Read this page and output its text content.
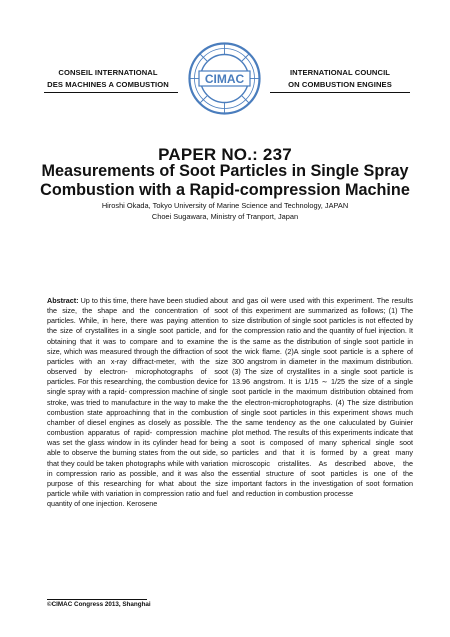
CONSEIL INTERNATIONAL
DES MACHINES A COMBUSTION	CIMAC	INTERNATIONAL COUNCIL
ON COMBUSTION ENGINES
PAPER NO.: 237
Measurements of Soot Particles in Single Spray
Combustion with a Rapid-compression Machine
Hiroshi Okada, Tokyo University of Marine Science and Technology, JAPAN
Choei Sugawara, Ministry of Tranport, Japan
Abstract: Up to this time, there have been studied about the size, the shape and the concentration of soot particles. While, in here, there was paying attention to the size of crystallites in a single soot particle, and for obtaining that it was to compare and to examine the size, which was measured through the diffraction of soot particles with an x-ray diffract-meter, with the size observed by electron- microphotographs of soot particles. For this researching, the combustion device for single spray with a rapid- compression machine of single stroke, was tried to manufacture in the way to make the combustion state approachinng that in the combustion chamber of diesel engines as closely as possible. The combustion apparatus of rapid- compression machine was set the glass window in its cylinder head for being able to observe the burning states from the out side, so that they could be taken photographs while with variation in compression rario as possible, and it was also the purpose of this researching for what about the size particle while with variation in compression ratio and fuel quantity of one injection. Kerosene
and gas oil were used with this experiment. The results of this experiment are summarized as follows; (1) The size distribution of single soot particles is not effected by the compression ratio and the quantity of fuel injection. It is the same as the distribution of single soot particle in the wick flame. (2)A single soot particle is a sphere of 300 angstrom in diameter in the maximum distribution. (3) The size of crystallites in a single soot particle is 13.96 angstrom. It is 1/15 ∼ 1/25 the size of a single soot particle in the maximum distribution obtained from the electron-microphotographs. (4) The size distribution of single soot particles in this experiment shows much the same tendency as the one caluculated by Guinier plot method. The results of this experiments indicate that a soot is composed of many spherical single soot particles and that it is formed by a great many microscopic cristallites. As described above, the essential structure of soot particles is one of the important factors in the investigation of soot formation and reduction in combustion processe
©CIMAC Congress 2013, Shanghai
